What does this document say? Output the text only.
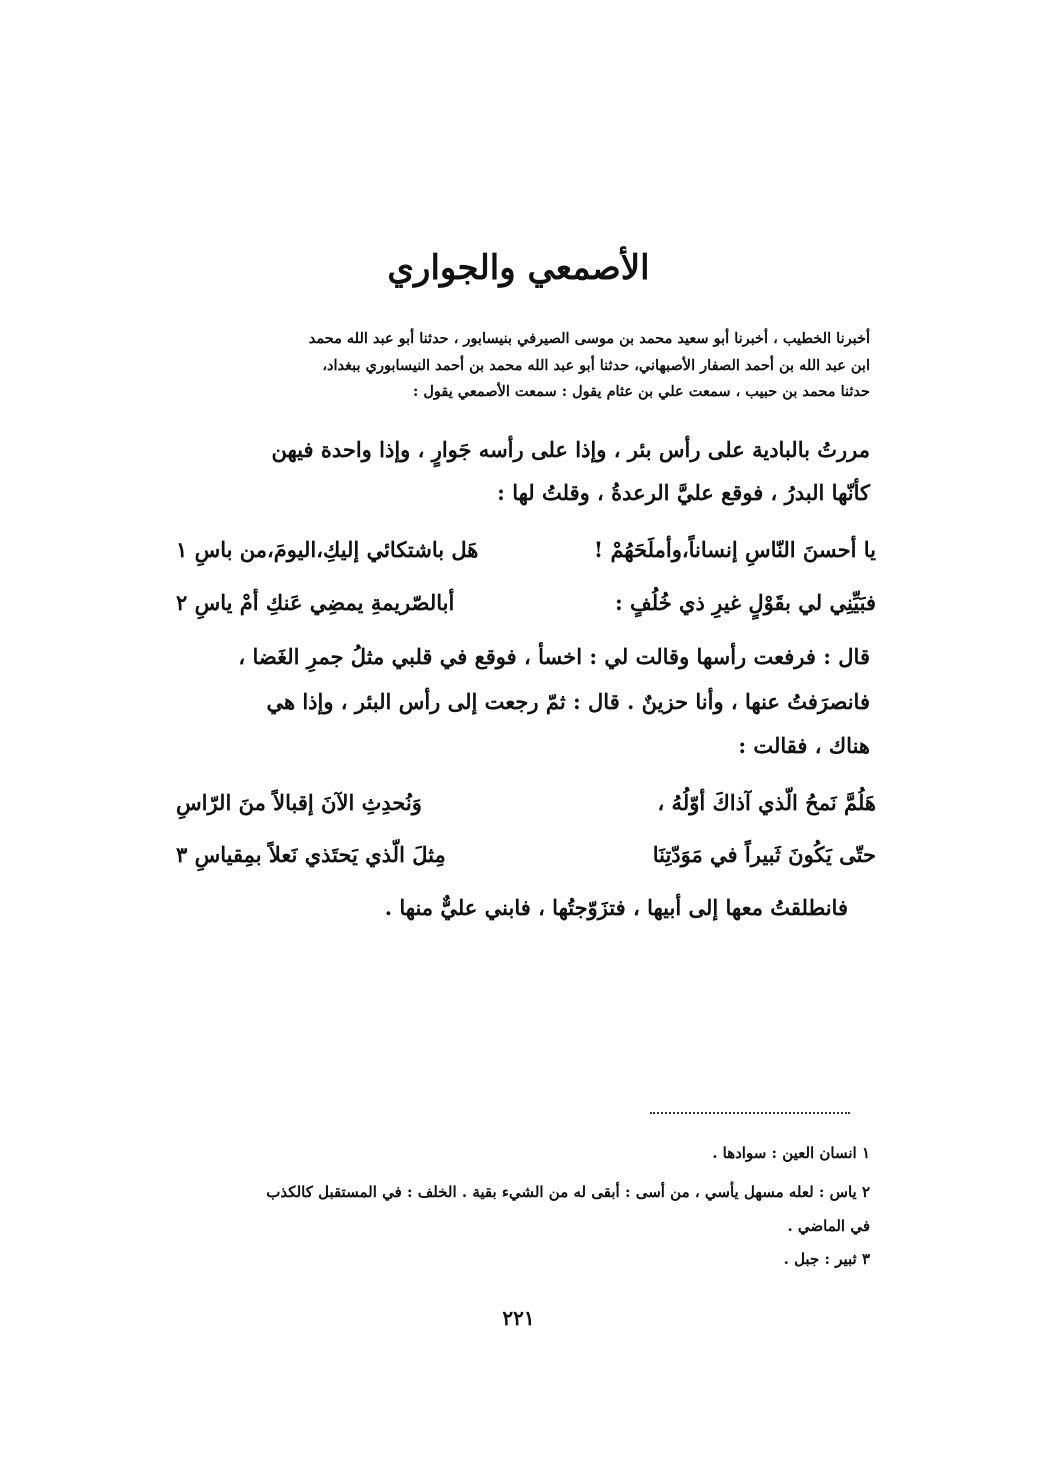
الأصمعي والجواري
أخبرنا الخطيب ، أخبرنا أبو سعيد محمد بن موسى الصيرفي بنيسابور ، حدثنا أبو عبد الله محمد
ابن عبد الله بن أحمد الصفار الأصبهاني، حدثنا أبو عبد الله محمد بن أحمد النيسابوري ببغداد،
حدثنا محمد بن حبيب ، سمعت علي بن عثام يقول : سمعت الأصمعي يقول :
مررتُ بالبادية على رأس بئر ، وإذا على رأسه جَوارٍ ، وإذا واحدة فيهن
كأنّها البدرُ ، فوقع عليَّ الرعدةُ ، وقلتُ لها :
يا أحسنَ النّاسِ إنساناً،وأملَحَهُمْ !
هَل باشتكائي إليكِ،اليومَ،من باسِ ١
فبَيِّنِي لي بقَوْلٍ غيرِ ذي خُلُفٍ :
أبالصّريمةِ يمضِي عَنكِ أمْ ياسِ ٢
قال : فرفعت رأسها وقالت لي : اخسأ ، فوقع في قلبي مثلُ جمرِ الغَضا ،
فانصرَفتُ عنها ، وأنا حزينٌ . قال : ثمّ رجعت إلى رأس البئر ، وإذا هي
هناك ، فقالت :
هَلُمَّ نَمحُ الّذي آذاكَ أوّلُهُ ،
وَنُحدِثِ الآنَ إقبالاً منَ الرّاسِ
حتّى يَكُونَ ثَبيراً في مَوَدّتِنَا
مِثلَ الّذي يَحتَذي نَعلاً بمِقياسِ ٣
فانطلقتُ معها إلى أبيها ، فتزَوّجتُها ، فابني عليٌّ منها .
١ انسان العين : سوادها .
٢ ياس : لعله مسهل يأسي ، من أسى : أبقى له من الشيء بقية . الخلف : في المستقبل كالكذب
في الماضي .
٣ ثبير : جبل .
٢٢١
